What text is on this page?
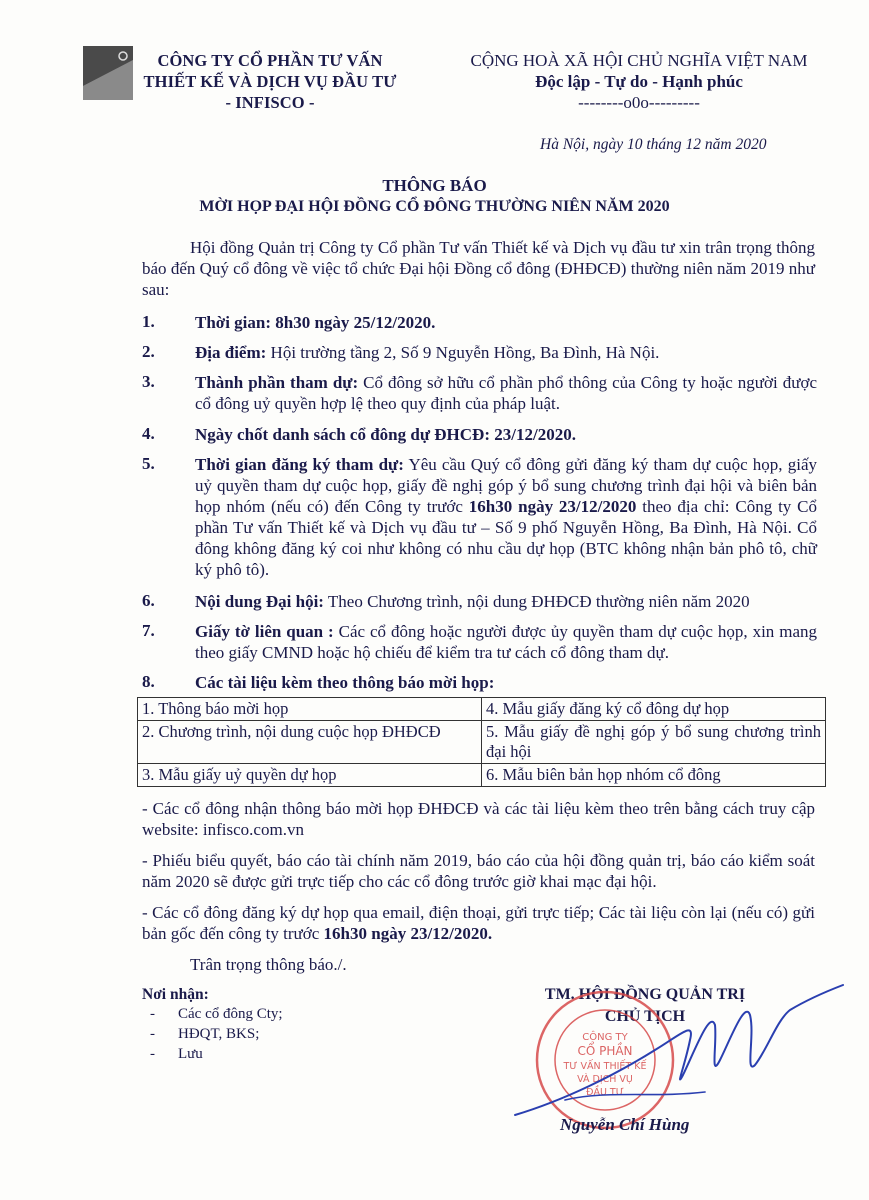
CÔNG TY CỔ PHẦN TƯ VẤN
THIẾT KẾ VÀ DỊCH VỤ ĐẦU TƯ
- INFISCO -
CỘNG HOÀ XÃ HỘI CHỦ NGHĨA VIỆT NAM
Độc lập - Tự do - Hạnh phúc
--------o0o---------
Hà Nội, ngày 10 tháng 12 năm 2020
THÔNG BÁO
MỜI HỌP ĐẠI HỘI ĐỒNG CỔ ĐÔNG THƯỜNG NIÊN NĂM 2020
Hội đồng Quản trị Công ty Cổ phần Tư vấn Thiết kế và Dịch vụ đầu tư xin trân trọng thông báo đến Quý cổ đông về việc tổ chức Đại hội Đồng cổ đông (ĐHĐCĐ) thường niên năm 2019 như sau:
1. Thời gian: 8h30 ngày 25/12/2020.
2. Địa điểm: Hội trường tầng 2, Số 9 Nguyễn Hồng, Ba Đình, Hà Nội.
3. Thành phần tham dự: Cổ đông sở hữu cổ phần phổ thông của Công ty hoặc người được cổ đông uỷ quyền hợp lệ theo quy định của pháp luật.
4. Ngày chốt danh sách cổ đông dự ĐHCĐ: 23/12/2020.
5. Thời gian đăng ký tham dự: Yêu cầu Quý cổ đông gửi đăng ký tham dự cuộc họp, giấy uỷ quyền tham dự cuộc họp, giấy đề nghị góp ý bổ sung chương trình đại hội và biên bản họp nhóm (nếu có) đến Công ty trước 16h30 ngày 23/12/2020 theo địa chỉ: Công ty Cổ phần Tư vấn Thiết kế và Dịch vụ đầu tư – Số 9 phố Nguyễn Hồng, Ba Đình, Hà Nội. Cổ đông không đăng ký coi như không có nhu cầu dự họp (BTC không nhận bản phô tô, chữ ký phô tô).
6. Nội dung Đại hội: Theo Chương trình, nội dung ĐHĐCĐ thường niên năm 2020
7. Giấy tờ liên quan : Các cổ đông hoặc người được ủy quyền tham dự cuộc họp, xin mang theo giấy CMND hoặc hộ chiếu để kiểm tra tư cách cổ đông tham dự.
8. Các tài liệu kèm theo thông báo mời họp:
1. Thông báo mời họp	4. Mẫu giấy đăng ký cổ đông dự họp
2. Chương trình, nội dung cuộc họp ĐHĐCĐ	5. Mẫu giấy đề nghị góp ý bổ sung chương trình đại hội
3. Mẫu giấy uỷ quyền dự họp	6. Mẫu biên bản họp nhóm cổ đông
- Các cổ đông nhận thông báo mời họp ĐHĐCĐ và các tài liệu kèm theo trên bằng cách truy cập website: infisco.com.vn
- Phiếu biểu quyết, báo cáo tài chính năm 2019, báo cáo của hội đồng quản trị, báo cáo kiểm soát năm 2020 sẽ được gửi trực tiếp cho các cổ đông trước giờ khai mạc đại hội.
- Các cổ đông đăng ký dự họp qua email, điện thoại, gửi trực tiếp; Các tài liệu còn lại (nếu có) gửi bản gốc đến công ty trước 16h30 ngày 23/12/2020.
Trân trọng thông báo./.
Nơi nhận:
- Các cổ đông Cty;
- HĐQT, BKS;
- Lưu
TM. HỘI ĐỒNG QUẢN TRỊ
CHỦ TỊCH
CÔNG TY
CỔ PHẦN
TƯ VẤN THIẾT KẾ
VÀ DỊCH VỤ
ĐẦU TƯ
Nguyễn Chí Hùng
